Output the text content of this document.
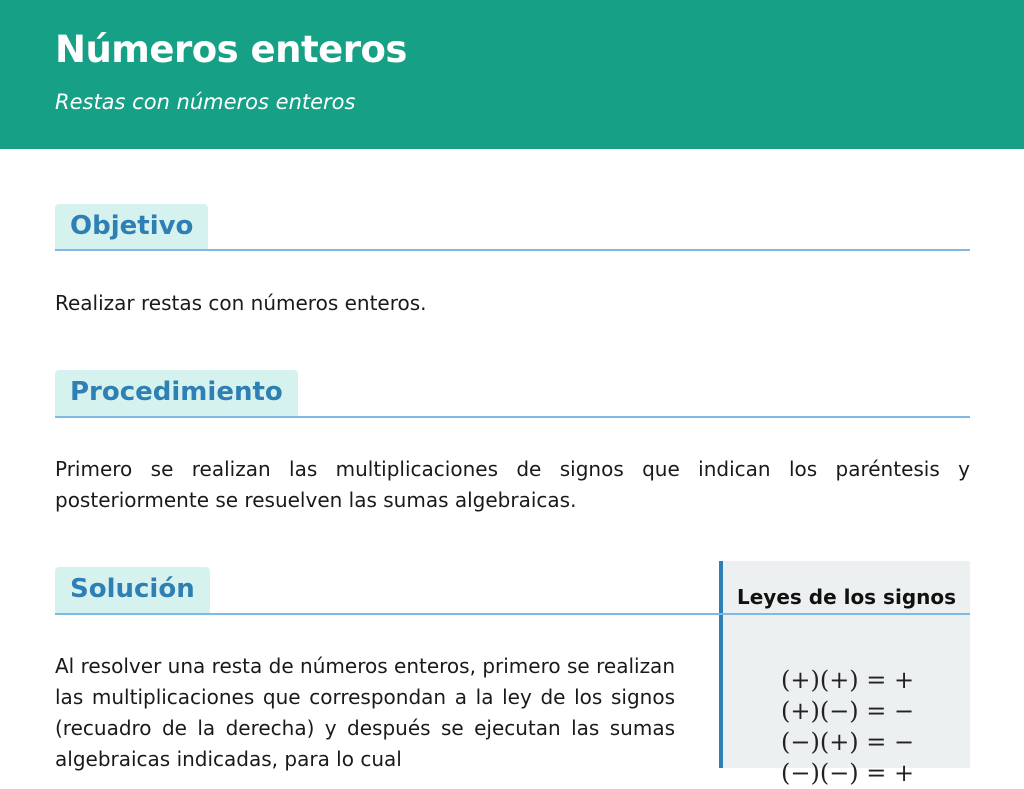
Números enteros
Restas con números enteros
Objetivo
Realizar restas con números enteros.
Procedimiento
Primero se realizan las multiplicaciones de signos que indican los paréntesis y posteriormente se resuelven las sumas algebraicas.
Leyes de los signos
(+)(+) = +
(+)(−) = −
(−)(+) = −
(−)(−) = +
Solución
Al resolver una resta de números enteros, primero se realizan las multiplicaciones que correspondan a la ley de los signos (recuadro de la derecha) y después se ejecutan las sumas algebraicas indicadas, para lo cual
